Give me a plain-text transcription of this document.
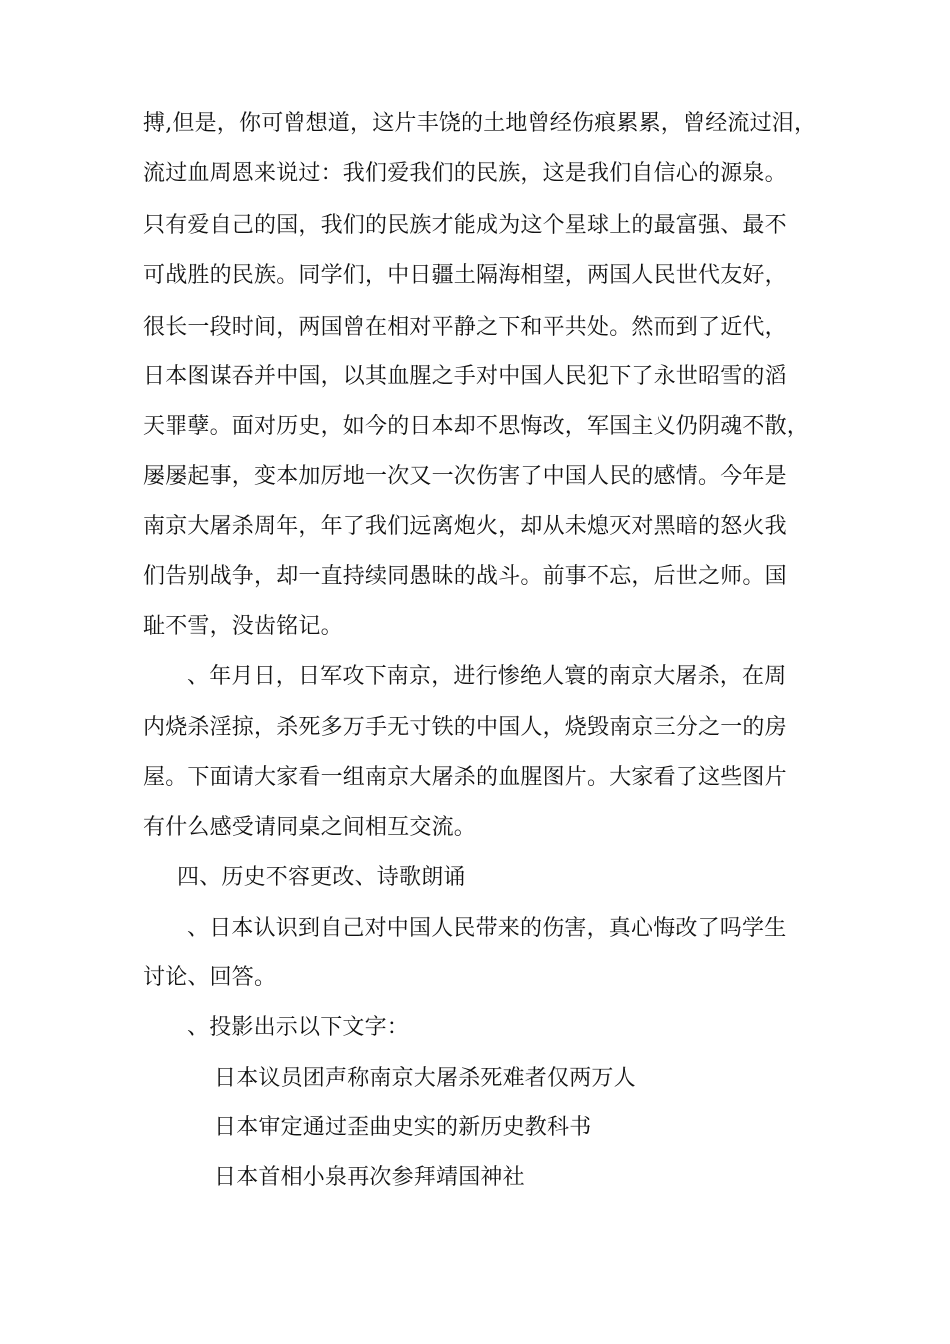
搏,但是，你可曾想道，这片丰饶的土地曾经伤痕累累，曾经流过泪，
流过血周恩来说过：我们爱我们的民族，这是我们自信心的源泉。
只有爱自己的国，我们的民族才能成为这个星球上的最富强、最不
可战胜的民族。同学们，中日疆土隔海相望，两国人民世代友好，
很长一段时间，两国曾在相对平静之下和平共处。然而到了近代，
日本图谋吞并中国，以其血腥之手对中国人民犯下了永世昭雪的滔
天罪孽。面对历史，如今的日本却不思悔改，军国主义仍阴魂不散，
屡屡起事，变本加厉地一次又一次伤害了中国人民的感情。今年是
南京大屠杀周年，年了我们远离炮火，却从未熄灭对黑暗的怒火我
们告别战争，却一直持续同愚昧的战斗。前事不忘，后世之师。国
耻不雪，没齿铭记。
、年月日，日军攻下南京，进行惨绝人寰的南京大屠杀，在周
内烧杀淫掠，杀死多万手无寸铁的中国人，烧毁南京三分之一的房
屋。下面请大家看一组南京大屠杀的血腥图片。大家看了这些图片
有什么感受请同桌之间相互交流。
四、历史不容更改、诗歌朗诵
、日本认识到自己对中国人民带来的伤害，真心悔改了吗学生
讨论、回答。
、投影出示以下文字：
日本议员团声称南京大屠杀死难者仅两万人
日本审定通过歪曲史实的新历史教科书
日本首相小泉再次参拜靖国神社
